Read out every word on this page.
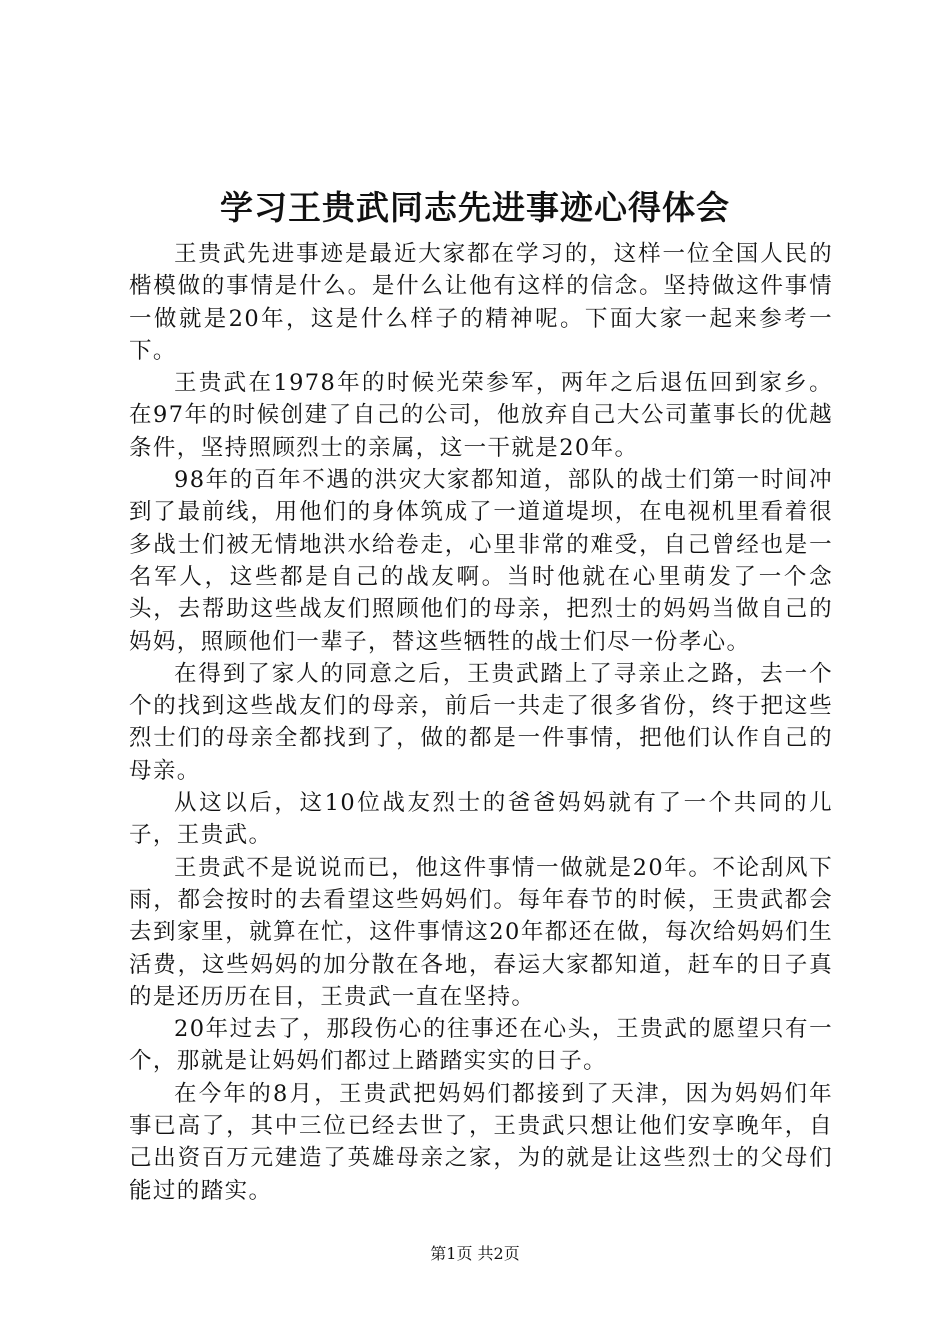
学习王贵武同志先进事迹心得体会

王贵武先进事迹是最近大家都在学习的，这样一位全国人民的楷模做的事情是什么。是什么让他有这样的信念。坚持做这件事情一做就是20年，这是什么样子的精神呢。下面大家一起来参考一下。

王贵武在1978年的时候光荣参军，两年之后退伍回到家乡。在97年的时候创建了自己的公司，他放弃自己大公司董事长的优越条件，坚持照顾烈士的亲属，这一干就是20年。

98年的百年不遇的洪灾大家都知道，部队的战士们第一时间冲到了最前线，用他们的身体筑成了一道道堤坝，在电视机里看着很多战士们被无情地洪水给卷走，心里非常的难受，自己曾经也是一名军人，这些都是自己的战友啊。当时他就在心里萌发了一个念头，去帮助这些战友们照顾他们的母亲，把烈士的妈妈当做自己的妈妈，照顾他们一辈子，替这些牺牲的战士们尽一份孝心。

在得到了家人的同意之后，王贵武踏上了寻亲止之路，去一个个的找到这些战友们的母亲，前后一共走了很多省份，终于把这些烈士们的母亲全都找到了，做的都是一件事情，把他们认作自己的母亲。

从这以后，这10位战友烈士的爸爸妈妈就有了一个共同的儿子，王贵武。

王贵武不是说说而已，他这件事情一做就是20年。不论刮风下雨，都会按时的去看望这些妈妈们。每年春节的时候，王贵武都会去到家里，就算在忙，这件事情这20年都还在做，每次给妈妈们生活费，这些妈妈的加分散在各地，春运大家都知道，赶车的日子真的是还历历在目，王贵武一直在坚持。

20年过去了，那段伤心的往事还在心头，王贵武的愿望只有一个，那就是让妈妈们都过上踏踏实实的日子。

在今年的8月，王贵武把妈妈们都接到了天津，因为妈妈们年事已高了，其中三位已经去世了，王贵武只想让他们安享晚年，自己出资百万元建造了英雄母亲之家，为的就是让这些烈士的父母们能过的踏实。

第1页 共2页
